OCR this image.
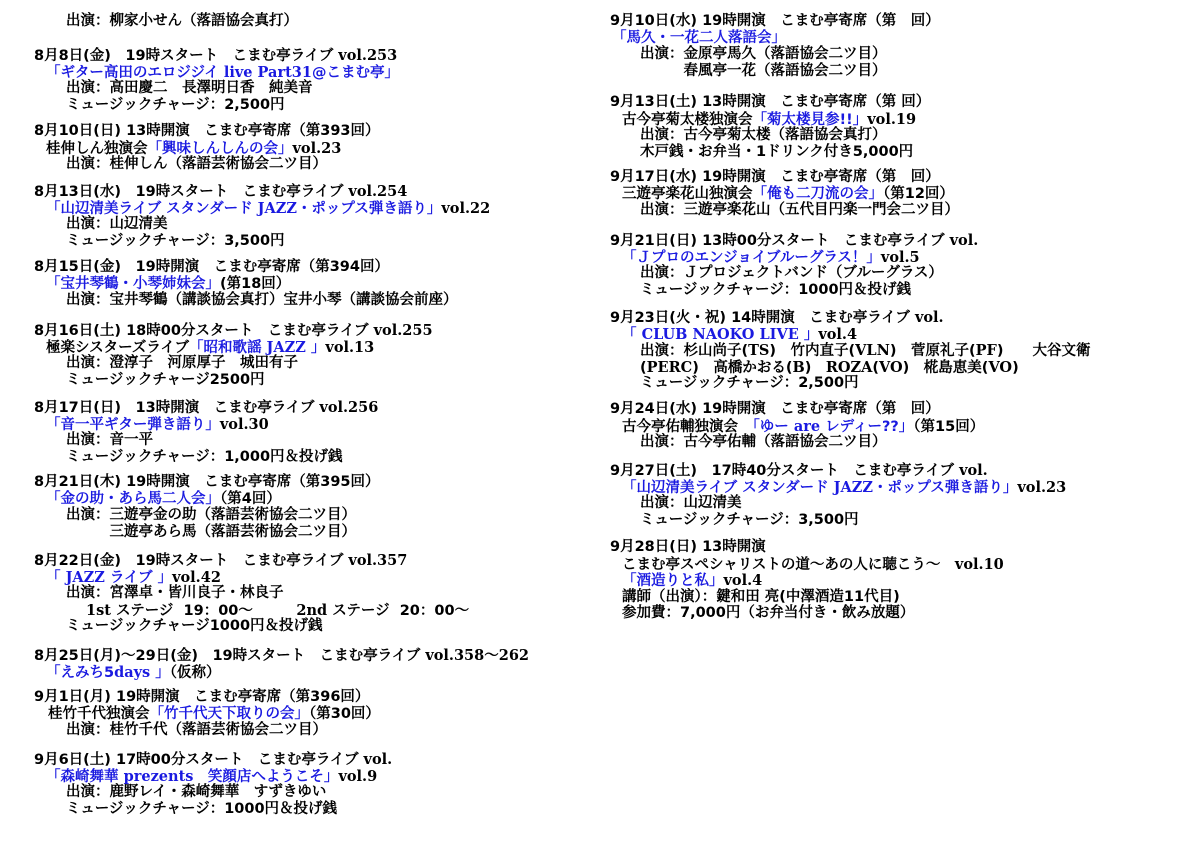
出演：柳家小せん（落語協会真打）
8月8日(金)　19時スタート　こまむ亭ライブ vol.253
「ギター高田のエロジジイ live Part31@こまむ亭」
出演：高田慶二　長澤明日香　純美音
ミュージックチャージ：2,500円
8月10日(日) 13時開演　こまむ亭寄席（第393回）
桂伸しん独演会「興味しんしんの会」vol.23
出演：桂伸しん（落語芸術協会二ツ目）
8月13日(水)　19時スタート　こまむ亭ライブ vol.254
「山辺清美ライブ スタンダード JAZZ・ポップス弾き語り」vol.22
出演：山辺清美
ミュージックチャージ：3,500円
8月15日(金)　19時開演　こまむ亭寄席（第394回）
「宝井琴鶴・小琴姉妹会」(第18回）
出演：宝井琴鶴（講談協会真打）宝井小琴（講談協会前座）
8月16日(土) 18時00分スタート　こまむ亭ライブ vol.255
極楽シスターズライブ「昭和歌謡 JAZZ 」vol.13
出演：澄淳子　河原厚子　城田有子
ミュージックチャージ2500円
8月17日(日)　13時開演　こまむ亭ライブ vol.256
「音一平ギター弾き語り」vol.30
出演：音一平
ミュージックチャージ：1,000円＆投げ銭
8月21日(木) 19時開演　こまむ亭寄席（第395回）
「金の助・あら馬二人会」（第4回）
出演：三遊亭金の助（落語芸術協会二ツ目）
　　　三遊亭あら馬（落語芸術協会二ツ目）
8月22日(金)　19時スタート　こまむ亭ライブ vol.357
「 JAZZ ライブ 」vol.42
出演：宮澤卓・皆川良子・林良子
1st ステージ  19：00～　　　2nd ステージ  20：00～
ミュージックチャージ1000円＆投げ銭
8月25日(月)～29日(金)　19時スタート　こまむ亭ライブ vol.358～262
「えみち5days 」（仮称）
9月1日(月) 19時開演　こまむ亭寄席（第396回）
桂竹千代独演会「竹千代天下取りの会」（第30回）
出演：桂竹千代（落語芸術協会二ツ目）
9月6日(土) 17時00分スタート　こまむ亭ライブ vol.
「森崎舞華 prezents　笑顔店へようこそ」vol.9
出演：鹿野レイ・森崎舞華　すずきゆい
ミュージックチャージ：1000円＆投げ銭
9月10日(水) 19時開演　こまむ亭寄席（第　回）
「馬久・一花二人落語会」
出演：金原亭馬久（落語協会二ツ目）
　　　春風亭一花（落語協会二ツ目）
9月13日(土) 13時開演　こまむ亭寄席（第 回）
古今亭菊太楼独演会「菊太楼見参!!」vol.19
出演：古今亭菊太楼（落語協会真打）
木戸銭・お弁当・1ドリンク付き5,000円
9月17日(水) 19時開演　こまむ亭寄席（第　回）
三遊亭楽花山独演会「俺も二刀流の会」（第12回）
出演：三遊亭楽花山（五代目円楽一門会二ツ目）
9月21日(日) 13時00分スタート　こまむ亭ライブ vol.
「Ｊプロのエンジョイブルーグラス！」vol.5
出演：Ｊプロジェクトバンド（ブルーグラス）
ミュージックチャージ：1000円＆投げ銭
9月23日(火・祝) 14時開演　こまむ亭ライブ vol.
「 CLUB NAOKO LIVE 」vol.4
出演：杉山尚子(TS)　竹内直子(VLN)　菅原礼子(PF)　　大谷文衛
(PERC)　高橋かおる(B)　ROZA(VO)　椛島恵美(VO)
ミュージックチャージ：2,500円
9月24日(水) 19時開演　こまむ亭寄席（第　回）
古今亭佑輔独演会　「ゆー are レディー??」（第15回）
出演：古今亭佑輔（落語協会二ツ目）
9月27日(土)　17時40分スタート　こまむ亭ライブ vol.
「山辺清美ライブ スタンダード JAZZ・ポップス弾き語り」vol.23
出演：山辺清美
ミュージックチャージ：3,500円
9月28日(日) 13時開演
こまむ亭スペシャリストの道～あの人に聴こう～　vol.10
「酒造りと私」vol.4
講師（出演）：鍵和田 亮(中澤酒造11代目)
参加費：7,000円（お弁当付き・飲み放題）
